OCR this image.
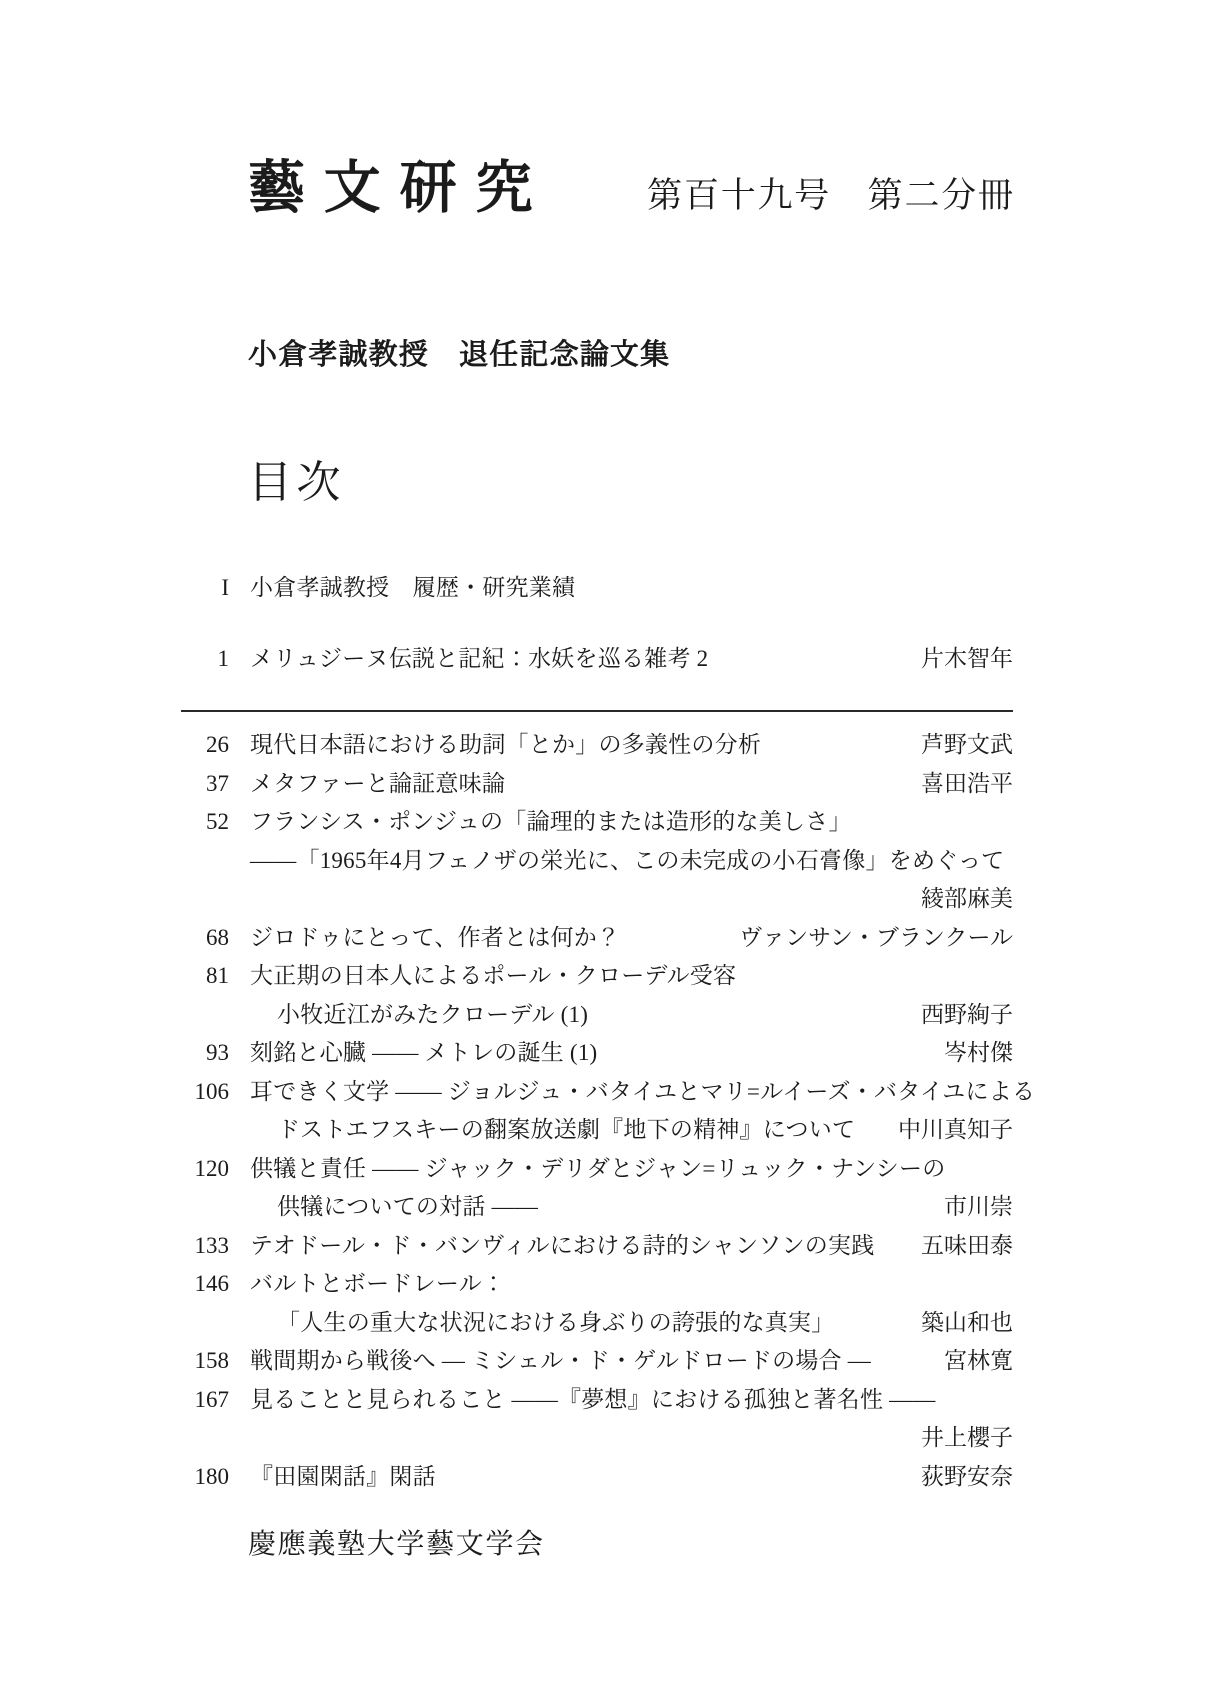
藝文研究	第百十九号　第二分冊
小倉孝誠教授　退任記念論文集
目次
I 小倉孝誠教授　履歴・研究業績
1 メリュジーヌ伝説と記紀：水妖を巡る雑考 2	片木智年
26 現代日本語における助詞「とか」の多義性の分析	芦野文武
37 メタファーと論証意味論	喜田浩平
52 フランシス・ポンジュの「論理的または造形的な美しさ」
——「1965年4月フェノザの栄光に、この未完成の小石膏像」をめぐって
綾部麻美
68 ジロドゥにとって、作者とは何か？	ヴァンサン・ブランクール
81 大正期の日本人によるポール・クローデル受容
小牧近江がみたクローデル (1)	西野絢子
93 刻銘と心臓 —— メトレの誕生 (1)	岑村傑
106 耳できく文学 —— ジョルジュ・バタイユとマリ=ルイーズ・バタイユによる
ドストエフスキーの翻案放送劇『地下の精神』について	中川真知子
120 供犠と責任 —— ジャック・デリダとジャン=リュック・ナンシーの
供犠についての対話 ——	市川崇
133 テオドール・ド・バンヴィルにおける詩的シャンソンの実践	五味田泰
146 バルトとボードレール：
「人生の重大な状況における身ぶりの誇張的な真実」	築山和也
158 戦間期から戦後へ ― ミシェル・ド・ゲルドロードの場合 ―	宮林寛
167 見ることと見られること ——『夢想』における孤独と著名性 ——
井上櫻子
180 『田園閑話』閑話	荻野安奈
慶應義塾大学藝文学会
